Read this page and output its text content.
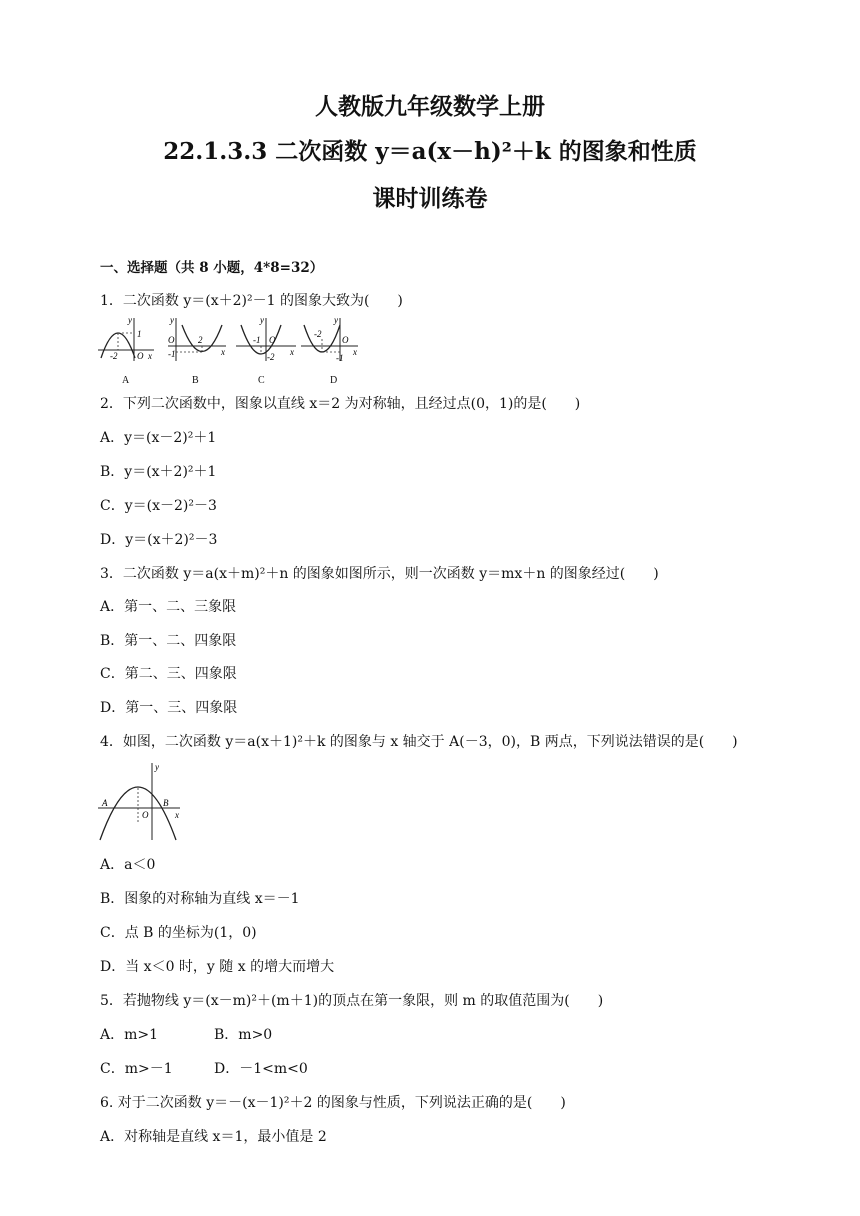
人教版九年级数学上册
22.1.3.3 二次函数 y＝a(x－h)²＋k 的图象和性质
课时训练卷
一、选择题（共 8 小题，4*8=32）
1．二次函数 y＝(x＋2)²－1 的图象大致为(　　)
y
1
-2 O x
y
O	2
-1	x
y
-1 O
x
-2
y
-2
O
x
-1
A	B	C	D
2．下列二次函数中，图象以直线 x＝2 为对称轴，且经过点(0，1)的是(　　)
A．y＝(x－2)²＋1
B．y＝(x＋2)²＋1
C．y＝(x－2)²－3
D．y＝(x＋2)²－3
3．二次函数 y＝a(x＋m)²＋n 的图象如图所示，则一次函数 y＝mx＋n 的图象经过(　　)
A．第一、二、三象限
B．第一、二、四象限
C．第二、三、四象限
D．第一、三、四象限
4．如图，二次函数 y＝a(x＋1)²＋k 的图象与 x 轴交于 A(－3，0)，B 两点，下列说法错误的是(　　)
y
A
O
B
x
A．a＜0
B．图象的对称轴为直线 x＝－1
C．点 B 的坐标为(1，0)
D．当 x＜0 时，y 随 x 的增大而增大
5．若抛物线 y＝(x－m)²＋(m＋1)的顶点在第一象限，则 m 的取值范围为(　　)
A．m>1	B．m>0
C．m>－1	D．－1<m<0
6. 对于二次函数 y＝－(x－1)²＋2 的图象与性质，下列说法正确的是(　　)
A．对称轴是直线 x＝1，最小值是 2
